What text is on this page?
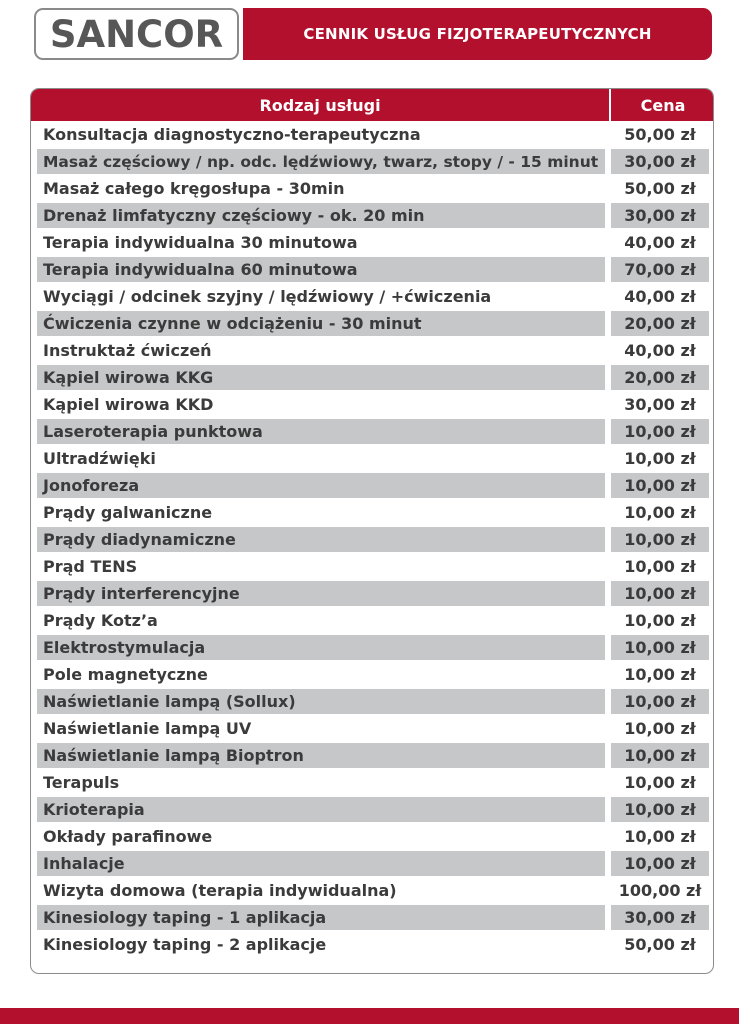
SANCOR	CENNIK USŁUG FIZJOTERAPEUTYCZNYCH
Rodzaj usługi	Cena
Konsultacja diagnostyczno-terapeutyczna	50,00 zł
Masaż częściowy / np. odc. lędźwiowy, twarz, stopy / - 15 minut	30,00 zł
Masaż całego kręgosłupa - 30min	50,00 zł
Drenaż limfatyczny częściowy - ok. 20 min	30,00 zł
Terapia indywidualna 30 minutowa	40,00 zł
Terapia indywidualna 60 minutowa	70,00 zł
Wyciągi / odcinek szyjny / lędźwiowy / +ćwiczenia	40,00 zł
Ćwiczenia czynne w odciążeniu - 30 minut	20,00 zł
Instruktaż ćwiczeń	40,00 zł
Kąpiel wirowa KKG	20,00 zł
Kąpiel wirowa KKD	30,00 zł
Laseroterapia punktowa	10,00 zł
Ultradźwięki	10,00 zł
Jonoforeza	10,00 zł
Prądy galwaniczne	10,00 zł
Prądy diadynamiczne	10,00 zł
Prąd TENS	10,00 zł
Prądy interferencyjne	10,00 zł
Prądy Kotz’a	10,00 zł
Elektrostymulacja	10,00 zł
Pole magnetyczne	10,00 zł
Naświetlanie lampą (Sollux)	10,00 zł
Naświetlanie lampą UV	10,00 zł
Naświetlanie lampą Bioptron	10,00 zł
Terapuls	10,00 zł
Krioterapia	10,00 zł
Okłady parafinowe	10,00 zł
Inhalacje	10,00 zł
Wizyta domowa (terapia indywidualna)	100,00 zł
Kinesiology taping - 1 aplikacja	30,00 zł
Kinesiology taping - 2 aplikacje	50,00 zł
